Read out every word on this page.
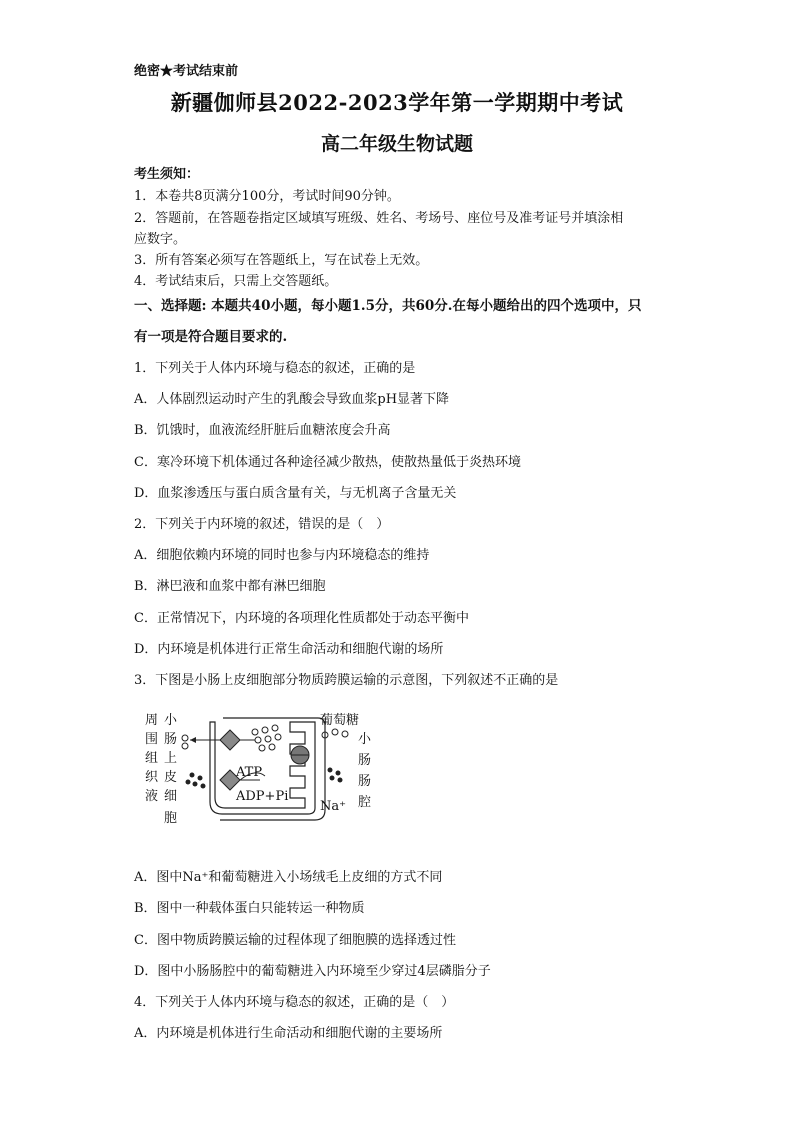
绝密★考试结束前
新疆伽师县2022-2023学年第一学期期中考试
高二年级生物试题
考生须知：
1．本卷共8页满分100分，考试时间90分钟。
2．答题前，在答题卷指定区域填写班级、姓名、考场号、座位号及准考证号并填涂相
应数字。
3．所有答案必须写在答题纸上，写在试卷上无效。
4．考试结束后，只需上交答题纸。
一、选择题: 本题共40小题，每小题1.5分，共60分.在每小题给出的四个选项中，只
有一项是符合题目要求的.
1．下列关于人体内环境与稳态的叙述，正确的是
A．人体剧烈运动时产生的乳酸会导致血浆pH显著下降
B．饥饿时，血液流经肝脏后血糖浓度会升高
C．寒冷环境下机体通过各种途径减少散热，使散热量低于炎热环境
D．血浆渗透压与蛋白质含量有关，与无机离子含量无关
2．下列关于内环境的叙述，错误的是（　）
A．细胞依赖内环境的同时也参与内环境稳态的维持
B．淋巴液和血浆中都有淋巴细胞
C．正常情况下，内环境的各项理化性质都处于动态平衡中
D．内环境是机体进行正常生命活动和细胞代谢的场所
3．下图是小肠上皮细胞部分物质跨膜运输的示意图，下列叙述不正确的是
周
围
组
织
液
小
肠
上
皮
细
胞
ATP
ADP+Pi
葡萄糖
Na⁺
小
肠
肠
腔
A．图中Na⁺和葡萄糖进入小场绒毛上皮细的方式不同
B．图中一种载体蛋白只能转运一种物质
C．图中物质跨膜运输的过程体现了细胞膜的选择透过性
D．图中小肠肠腔中的葡萄糖进入内环境至少穿过4层磷脂分子
4．下列关于人体内环境与稳态的叙述，正确的是（　）
A．内环境是机体进行生命活动和细胞代谢的主要场所
